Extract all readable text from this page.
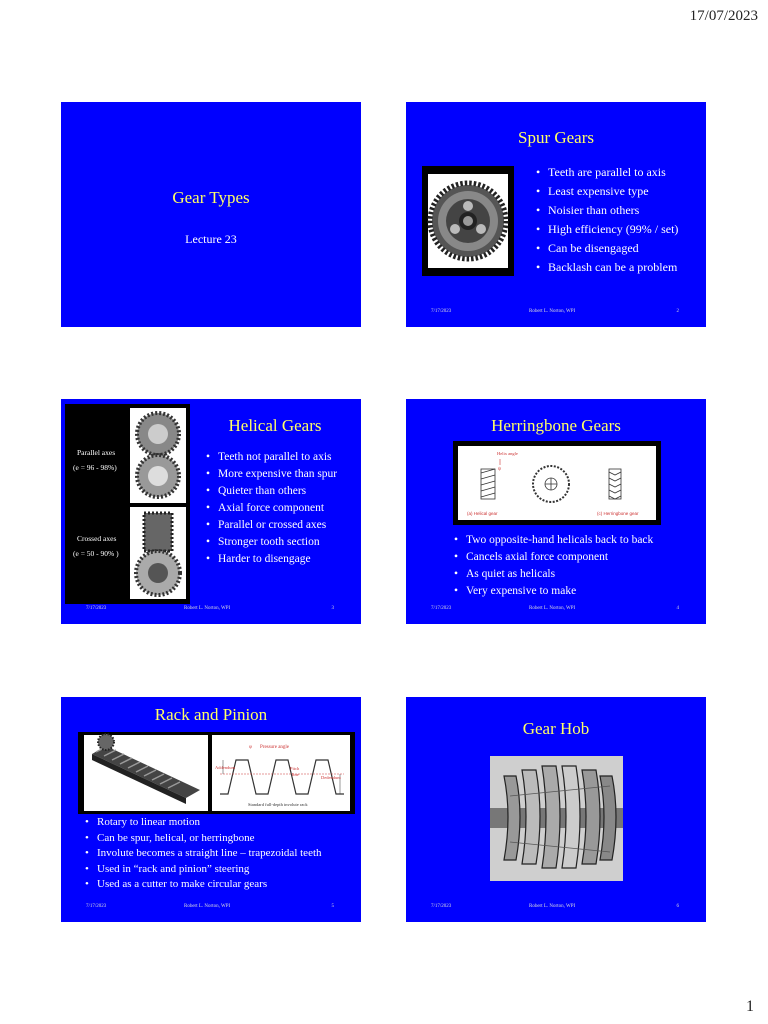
17/07/2023
1
Gear Types
Lecture 23
Spur Gears
• Teeth are parallel to axis
• Least expensive type
• Noisier than others
• High efficiency (99% / set)
• Can be disengaged
• Backlash can be a problem
7/17/2023	Robert L. Norton, WPI	2
Helical Gears
Parallel axes
(e = 96 - 98%)
Crossed axes
(e = 50 - 90% )
• Teeth not parallel to axis
• More expensive than spur
• Quieter than others
• Axial force component
• Parallel or crossed axes
• Stronger tooth section
• Harder to disengage
7/17/2023	Robert L. Norton, WPI	3
Herringbone Gears
Helix angle
ψ
(a) Helical gear	(c) Herringbone gear
• Two opposite-hand helicals back to back
• Cancels axial force component
• As quiet as helicals
• Very expensive to make
7/17/2023	Robert L. Norton, WPI	4
Rack and Pinion
φ Pressure angle
Addendum	Pitch
line
Dedendum
Standard full-depth involute rack
• Rotary to linear motion
• Can be spur, helical, or herringbone
• Involute becomes a straight line – trapezoidal teeth
• Used in “rack and pinion” steering
• Used as a cutter to make circular gears
7/17/2023	Robert L. Norton, WPI	5
Gear Hob
7/17/2023	Robert L. Norton, WPI	6
